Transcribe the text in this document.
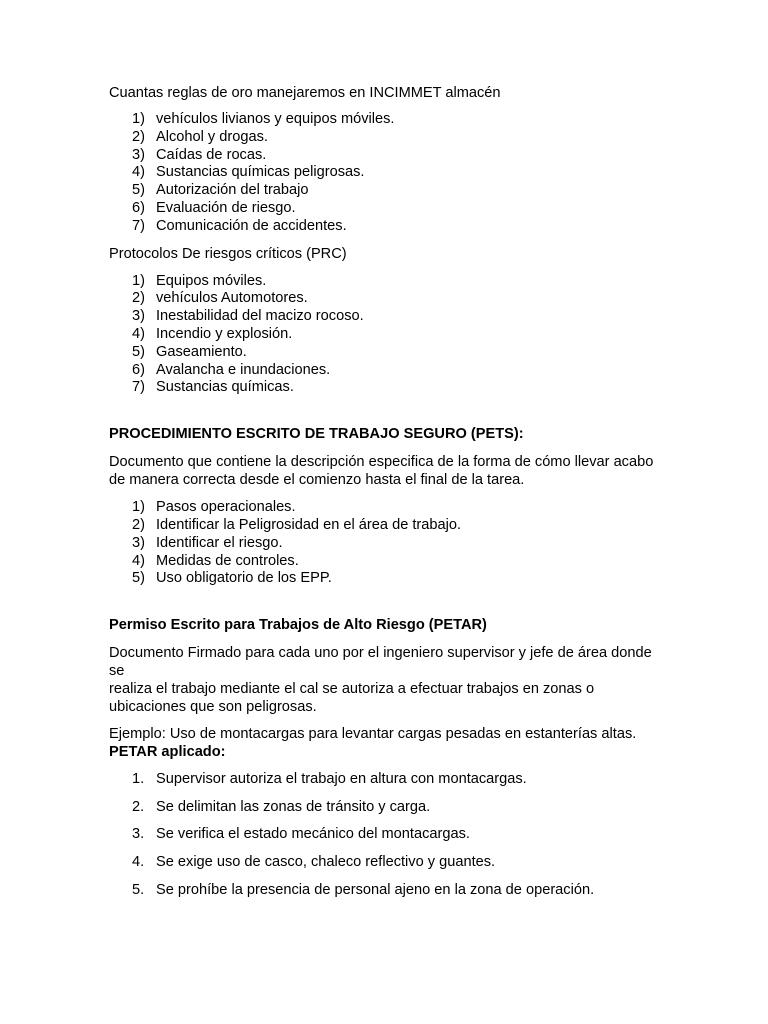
Cuantas reglas de oro manejaremos en INCIMMET almacén

1) vehículos livianos y equipos móviles.
2) Alcohol y drogas.
3) Caídas de rocas.
4) Sustancias químicas peligrosas.
5) Autorización del trabajo
6) Evaluación de riesgo.
7) Comunicación de accidentes.

Protocolos De riesgos críticos (PRC)

1) Equipos móviles.
2) vehículos Automotores.
3) Inestabilidad del macizo rocoso.
4) Incendio y explosión.
5) Gaseamiento.
6) Avalancha e inundaciones.
7) Sustancias químicas.

PROCEDIMIENTO ESCRITO DE TRABAJO SEGURO (PETS):

Documento que contiene la descripción especifica de la forma de cómo llevar acabo
de manera correcta desde el comienzo hasta el final de la tarea.

1) Pasos operacionales.
2) Identificar la Peligrosidad en el área de trabajo.
3) Identificar el riesgo.
4) Medidas de controles.
5) Uso obligatorio de los EPP.

Permiso Escrito para Trabajos de Alto Riesgo (PETAR)

Documento Firmado para cada uno por el ingeniero supervisor y jefe de área donde se
realiza el trabajo mediante el cal se autoriza a efectuar trabajos en zonas o
ubicaciones que son peligrosas.

Ejemplo: Uso de montacargas para levantar cargas pesadas en estanterías altas.
PETAR aplicado:

1. Supervisor autoriza el trabajo en altura con montacargas.
2. Se delimitan las zonas de tránsito y carga.
3. Se verifica el estado mecánico del montacargas.
4. Se exige uso de casco, chaleco reflectivo y guantes.
5. Se prohíbe la presencia de personal ajeno en la zona de operación.
